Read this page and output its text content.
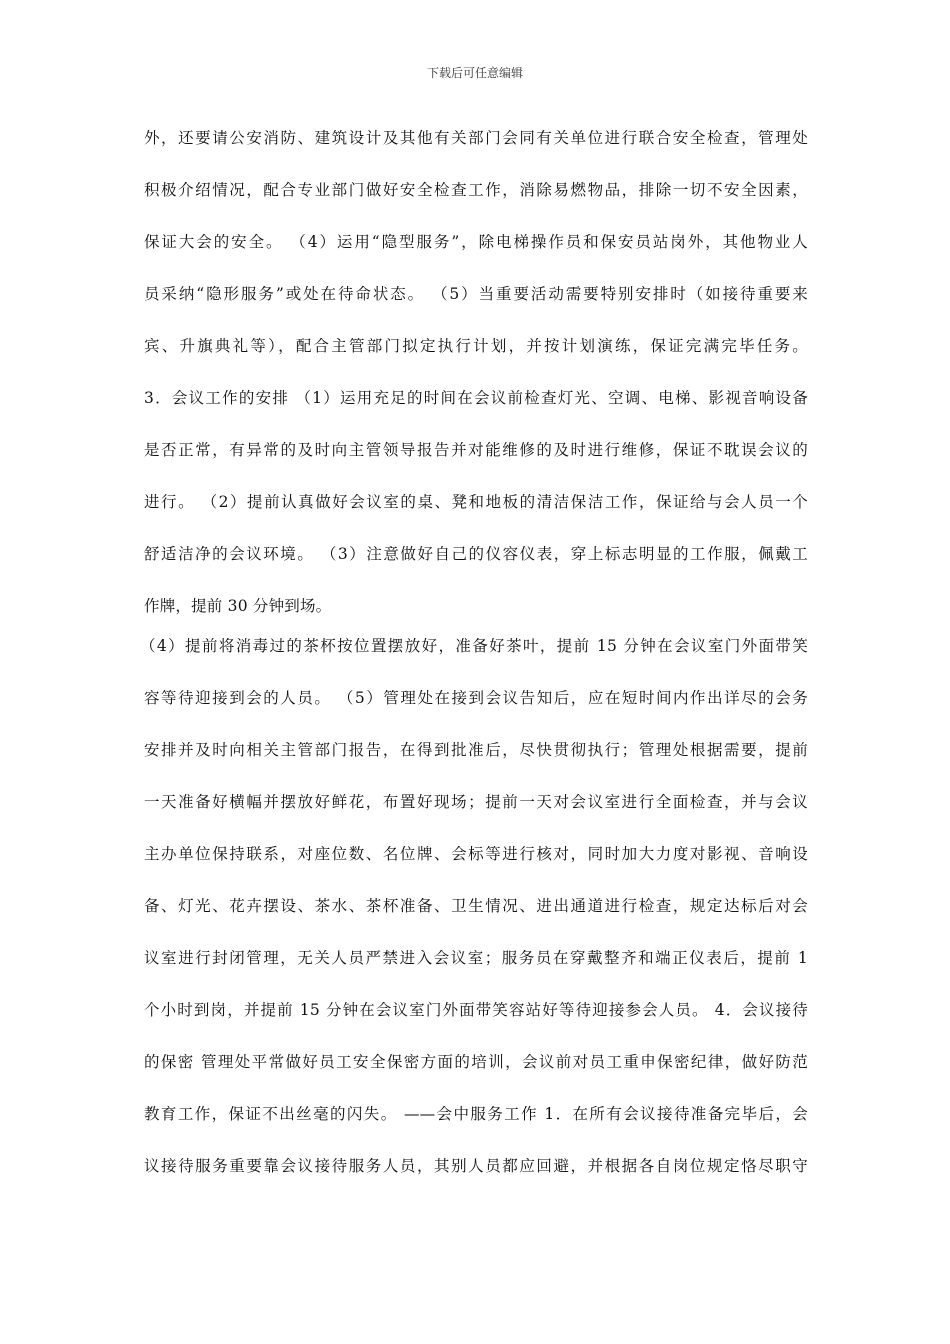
下载后可任意编辑
外，还要请公安消防、建筑设计及其他有关部门会同有关单位进行联合安全检查，管理处
积极介绍情况，配合专业部门做好安全检查工作，消除易燃物品，排除一切不安全因素，
保证大会的安全。 （4）运用“隐型服务”，除电梯操作员和保安员站岗外，其他物业人
员采纳“隐形服务”或处在待命状态。 （5）当重要活动需要特别安排时（如接待重要来
宾、升旗典礼等），配合主管部门拟定执行计划，并按计划演练，保证完满完毕任务。
3．会议工作的安排 （1）运用充足的时间在会议前检查灯光、空调、电梯、影视音响设备
是否正常，有异常的及时向主管领导报告并对能维修的及时进行维修，保证不耽误会议的
进行。 （2）提前认真做好会议室的桌、凳和地板的清洁保洁工作，保证给与会人员一个
舒适洁净的会议环境。 （3）注意做好自己的仪容仪表，穿上标志明显的工作服，佩戴工
作牌，提前 30 分钟到场。
（4）提前将消毒过的茶杯按位置摆放好，准备好茶叶，提前 15 分钟在会议室门外面带笑
容等待迎接到会的人员。 （5）管理处在接到会议告知后，应在短时间内作出详尽的会务
安排并及时向相关主管部门报告，在得到批准后，尽快贯彻执行；管理处根据需要，提前
一天准备好横幅并摆放好鲜花，布置好现场；提前一天对会议室进行全面检查，并与会议
主办单位保持联系，对座位数、名位牌、会标等进行核对，同时加大力度对影视、音响设
备、灯光、花卉摆设、茶水、茶杯准备、卫生情况、进出通道进行检查，规定达标后对会
议室进行封闭管理，无关人员严禁进入会议室；服务员在穿戴整齐和端正仪表后，提前 1
个小时到岗，并提前 15 分钟在会议室门外面带笑容站好等待迎接参会人员。 4．会议接待
的保密 管理处平常做好员工安全保密方面的培训，会议前对员工重申保密纪律，做好防范
教育工作，保证不出丝毫的闪失。 ——会中服务工作 1．在所有会议接待准备完毕后，会
议接待服务重要靠会议接待服务人员，其别人员都应回避，并根据各自岗位规定恪尽职守
